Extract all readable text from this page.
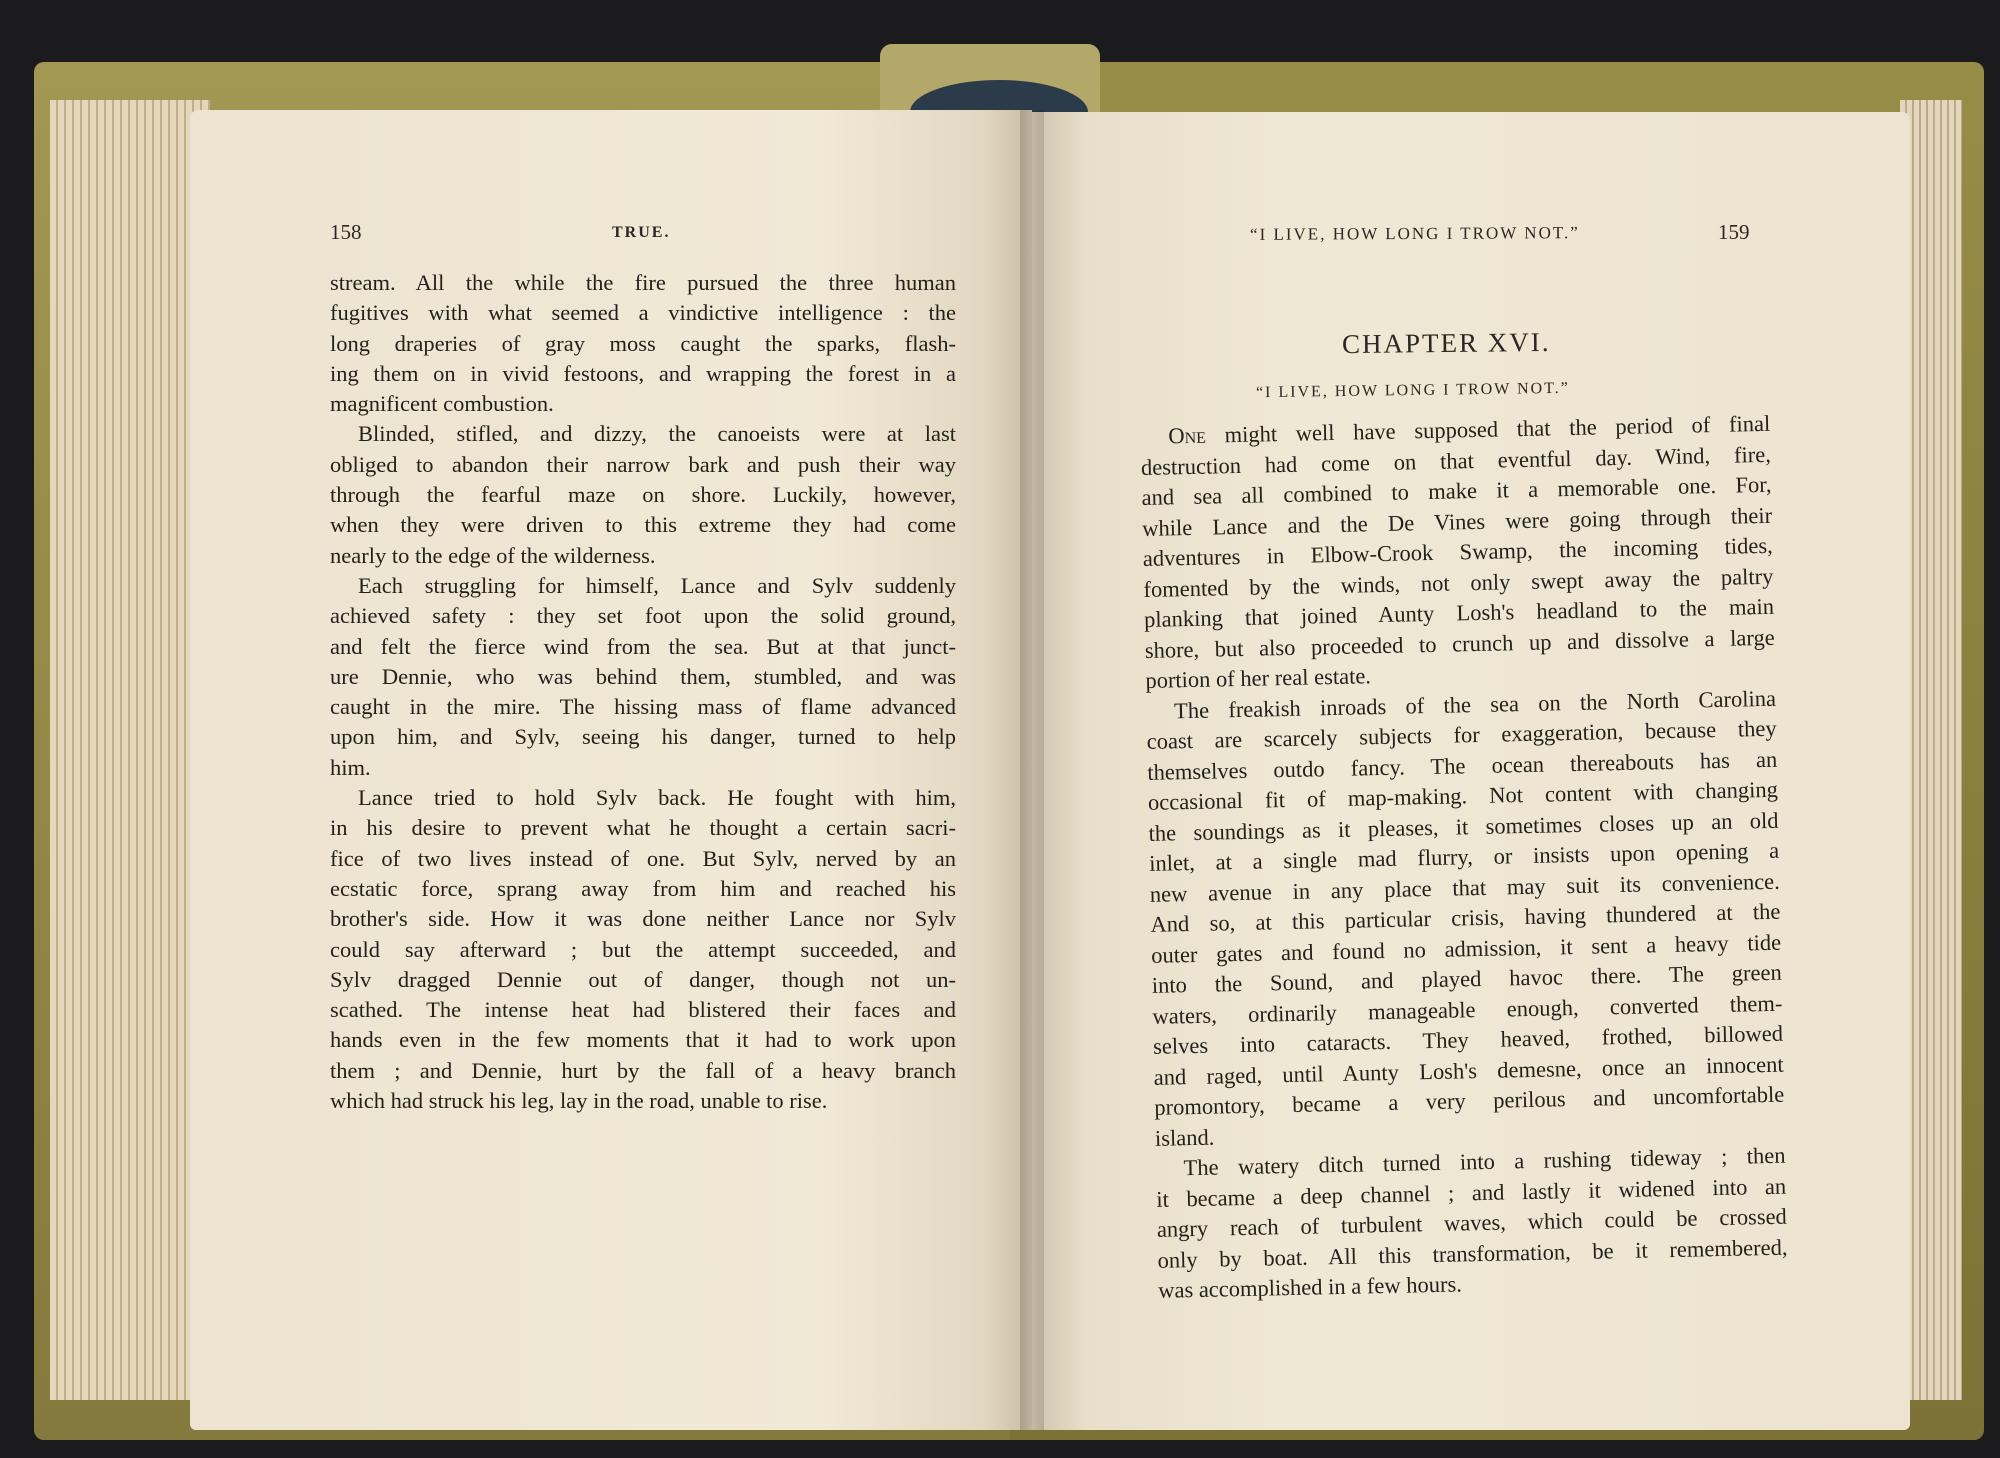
158	TRUE.
stream. All the while the fire pursued the three human
fugitives with what seemed a vindictive intelligence : the
long draperies of gray moss caught the sparks, flash-
ing them on in vivid festoons, and wrapping the forest in a
magnificent combustion.
Blinded, stifled, and dizzy, the canoeists were at last
obliged to abandon their narrow bark and push their way
through the fearful maze on shore. Luckily, however,
when they were driven to this extreme they had come
nearly to the edge of the wilderness.
Each struggling for himself, Lance and Sylv suddenly
achieved safety : they set foot upon the solid ground,
and felt the fierce wind from the sea. But at that junct-
ure Dennie, who was behind them, stumbled, and was
caught in the mire. The hissing mass of flame advanced
upon him, and Sylv, seeing his danger, turned to help
him.
Lance tried to hold Sylv back. He fought with him,
in his desire to prevent what he thought a certain sacri-
fice of two lives instead of one. But Sylv, nerved by an
ecstatic force, sprang away from him and reached his
brother's side. How it was done neither Lance nor Sylv
could say afterward ; but the attempt succeeded, and
Sylv dragged Dennie out of danger, though not un-
scathed. The intense heat had blistered their faces and
hands even in the few moments that it had to work upon
them ; and Dennie, hurt by the fall of a heavy branch
which had struck his leg, lay in the road, unable to rise.
“I LIVE, HOW LONG I TROW NOT.”	159
CHAPTER XVI.
“I LIVE, HOW LONG I TROW NOT.”
One might well have supposed that the period of final
destruction had come on that eventful day. Wind, fire,
and sea all combined to make it a memorable one. For,
while Lance and the De Vines were going through their
adventures in Elbow-Crook Swamp, the incoming tides,
fomented by the winds, not only swept away the paltry
planking that joined Aunty Losh's headland to the main
shore, but also proceeded to crunch up and dissolve a large
portion of her real estate.
The freakish inroads of the sea on the North Carolina
coast are scarcely subjects for exaggeration, because they
themselves outdo fancy. The ocean thereabouts has an
occasional fit of map-making. Not content with changing
the soundings as it pleases, it sometimes closes up an old
inlet, at a single mad flurry, or insists upon opening a
new avenue in any place that may suit its convenience.
And so, at this particular crisis, having thundered at the
outer gates and found no admission, it sent a heavy tide
into the Sound, and played havoc there. The green
waters, ordinarily manageable enough, converted them-
selves into cataracts. They heaved, frothed, billowed
and raged, until Aunty Losh's demesne, once an innocent
promontory, became a very perilous and uncomfortable
island.
The watery ditch turned into a rushing tideway ; then
it became a deep channel ; and lastly it widened into an
angry reach of turbulent waves, which could be crossed
only by boat. All this transformation, be it remembered,
was accomplished in a few hours.
